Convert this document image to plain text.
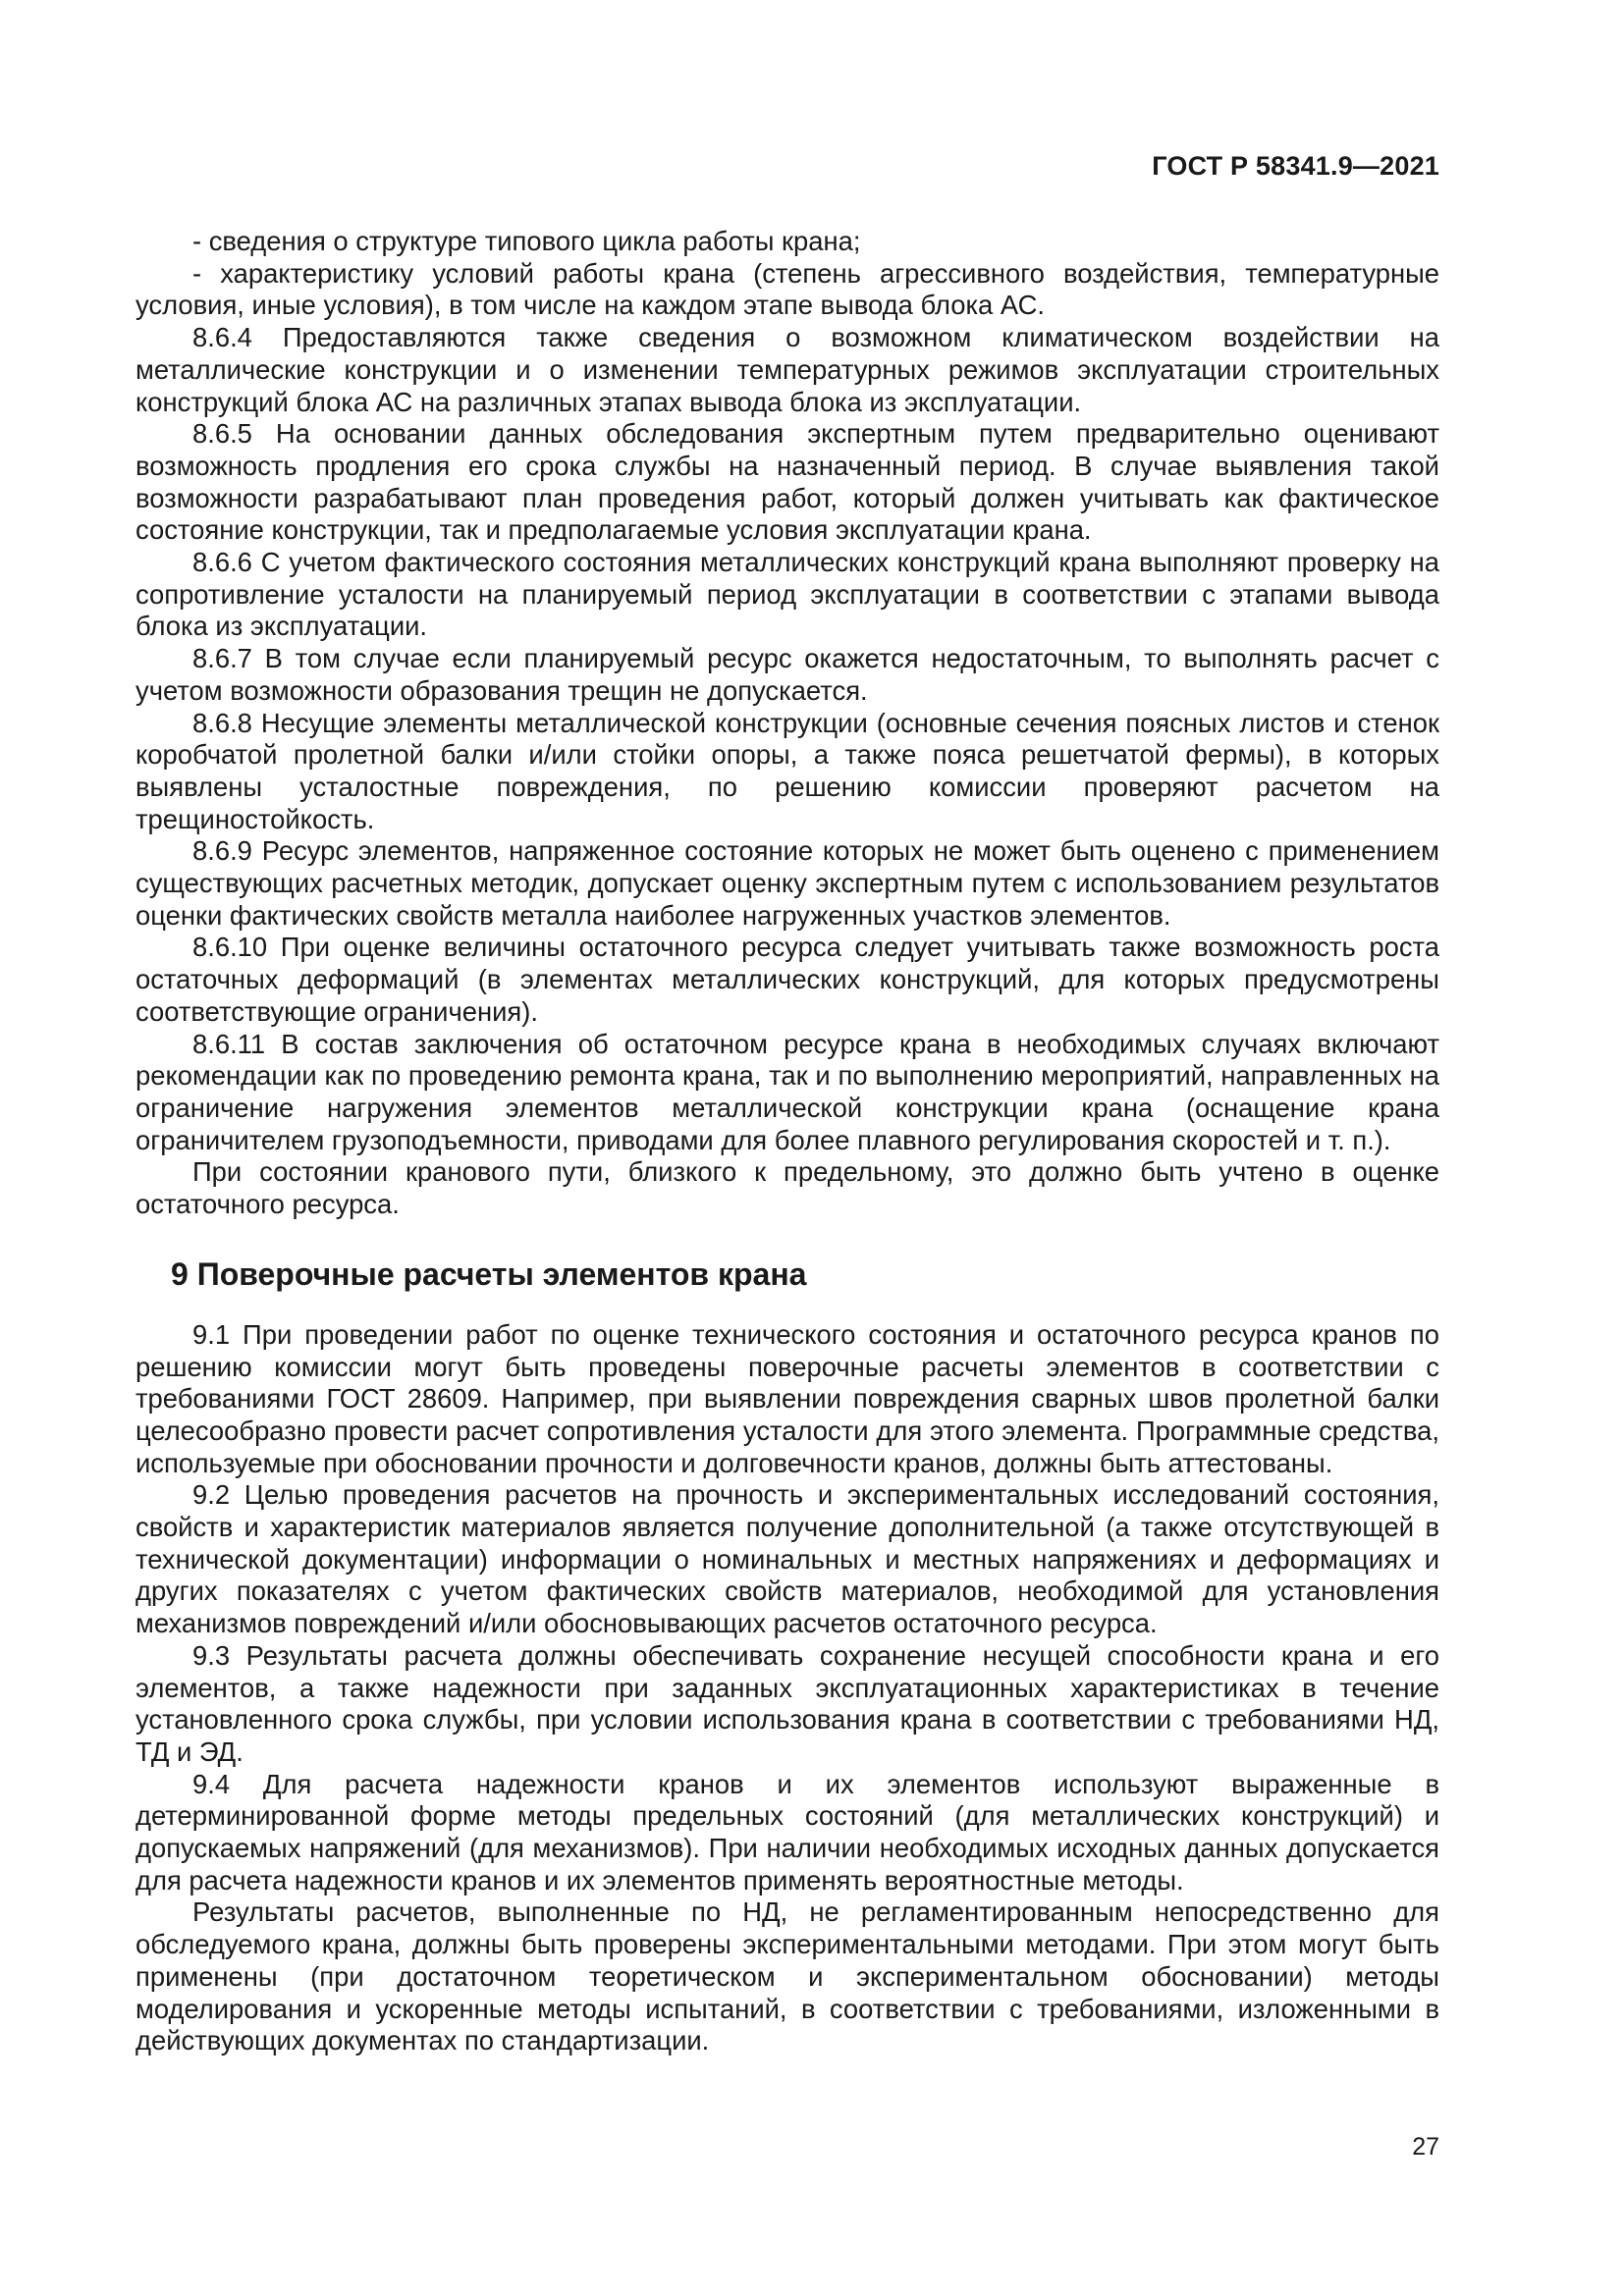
ГОСТ Р 58341.9—2021

- сведения о структуре типового цикла работы крана;

- характеристику условий работы крана (степень агрессивного воздействия, температурные условия, иные условия), в том числе на каждом этапе вывода блока АС.

8.6.4 Предоставляются также сведения о возможном климатическом воздействии на металлические конструкции и о изменении температурных режимов эксплуатации строительных конструкций блока АС на различных этапах вывода блока из эксплуатации.

8.6.5 На основании данных обследования экспертным путем предварительно оценивают возможность продления его срока службы на назначенный период. В случае выявления такой возможности разрабатывают план проведения работ, который должен учитывать как фактическое состояние конструкции, так и предполагаемые условия эксплуатации крана.

8.6.6 С учетом фактического состояния металлических конструкций крана выполняют проверку на сопротивление усталости на планируемый период эксплуатации в соответствии с этапами вывода блока из эксплуатации.

8.6.7 В том случае если планируемый ресурс окажется недостаточным, то выполнять расчет с учетом возможности образования трещин не допускается.

8.6.8 Несущие элементы металлической конструкции (основные сечения поясных листов и стенок коробчатой пролетной балки и/или стойки опоры, а также пояса решетчатой фермы), в которых выявлены усталостные повреждения, по решению комиссии проверяют расчетом на трещиностойкость.

8.6.9 Ресурс элементов, напряженное состояние которых не может быть оценено с применением существующих расчетных методик, допускает оценку экспертным путем с использованием результатов оценки фактических свойств металла наиболее нагруженных участков элементов.

8.6.10 При оценке величины остаточного ресурса следует учитывать также возможность роста остаточных деформаций (в элементах металлических конструкций, для которых предусмотрены соответствующие ограничения).

8.6.11 В состав заключения об остаточном ресурсе крана в необходимых случаях включают рекомендации как по проведению ремонта крана, так и по выполнению мероприятий, направленных на ограничение нагружения элементов металлической конструкции крана (оснащение крана ограничителем грузоподъемности, приводами для более плавного регулирования скоростей и т. п.).

При состоянии кранового пути, близкого к предельному, это должно быть учтено в оценке остаточного ресурса.

9 Поверочные расчеты элементов крана

9.1 При проведении работ по оценке технического состояния и остаточного ресурса кранов по решению комиссии могут быть проведены поверочные расчеты элементов в соответствии с требованиями ГОСТ 28609. Например, при выявлении повреждения сварных швов пролетной балки целесообразно провести расчет сопротивления усталости для этого элемента. Программные средства, используемые при обосновании прочности и долговечности кранов, должны быть аттестованы.

9.2 Целью проведения расчетов на прочность и экспериментальных исследований состояния, свойств и характеристик материалов является получение дополнительной (а также отсутствующей в технической документации) информации о номинальных и местных напряжениях и деформациях и других показателях с учетом фактических свойств материалов, необходимой для установления механизмов повреждений и/или обосновывающих расчетов остаточного ресурса.

9.3 Результаты расчета должны обеспечивать сохранение несущей способности крана и его элементов, а также надежности при заданных эксплуатационных характеристиках в течение установленного срока службы, при условии использования крана в соответствии с требованиями НД, ТД и ЭД.

9.4 Для расчета надежности кранов и их элементов используют выраженные в детерминированной форме методы предельных состояний (для металлических конструкций) и допускаемых напряжений (для механизмов). При наличии необходимых исходных данных допускается для расчета надежности кранов и их элементов применять вероятностные методы.

Результаты расчетов, выполненные по НД, не регламентированным непосредственно для обследуемого крана, должны быть проверены экспериментальными методами. При этом могут быть применены (при достаточном теоретическом и экспериментальном обосновании) методы моделирования и ускоренные методы испытаний, в соответствии с требованиями, изложенными в действующих документах по стандартизации.

27
